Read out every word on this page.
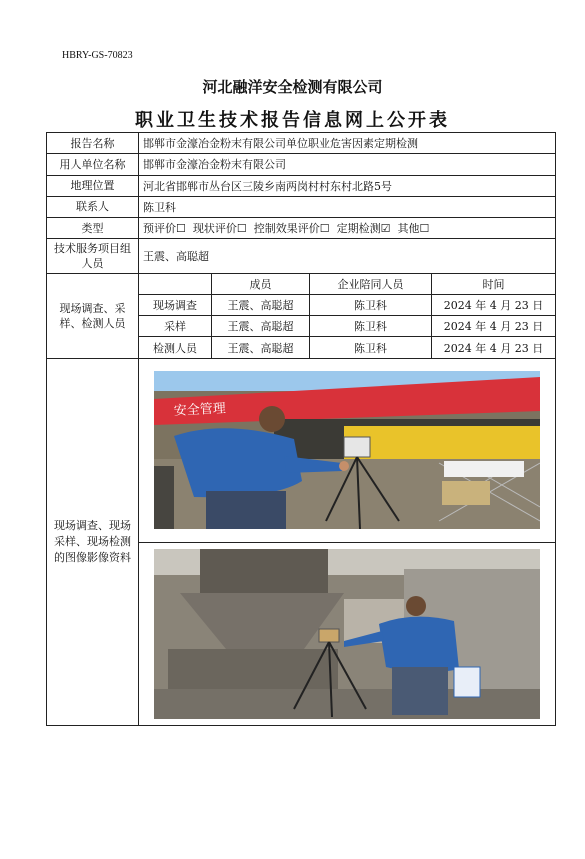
HBRY-GS-70823
河北融洋安全检测有限公司
职业卫生技术报告信息网上公开表
报告名称	邯郸市金濠冶金粉末有限公司单位职业危害因素定期检测			
用人单位名称	邯郸市金濠冶金粉末有限公司			
地理位置	河北省邯郸市丛台区三陵乡南两岗村村东村北路5号			
联系人	陈卫科			
类型	预评价☐ 现状评价☐ 控制效果评价☐ 定期检测☑ 其他☐			
技术服务项目组人员	王震、高聪超			
现场调查、采样、检测人员		成员	企业陪同人员	时间
	现场调查	王震、高聪超	陈卫科	2024 年 4 月 23 日
	采样	王震、高聪超	陈卫科	2024 年 4 月 23 日
	检测人员	王震、高聪超	陈卫科	2024 年 4 月 23 日
现场调查、现场采样、现场检测的图像影像资料	安全管理			
